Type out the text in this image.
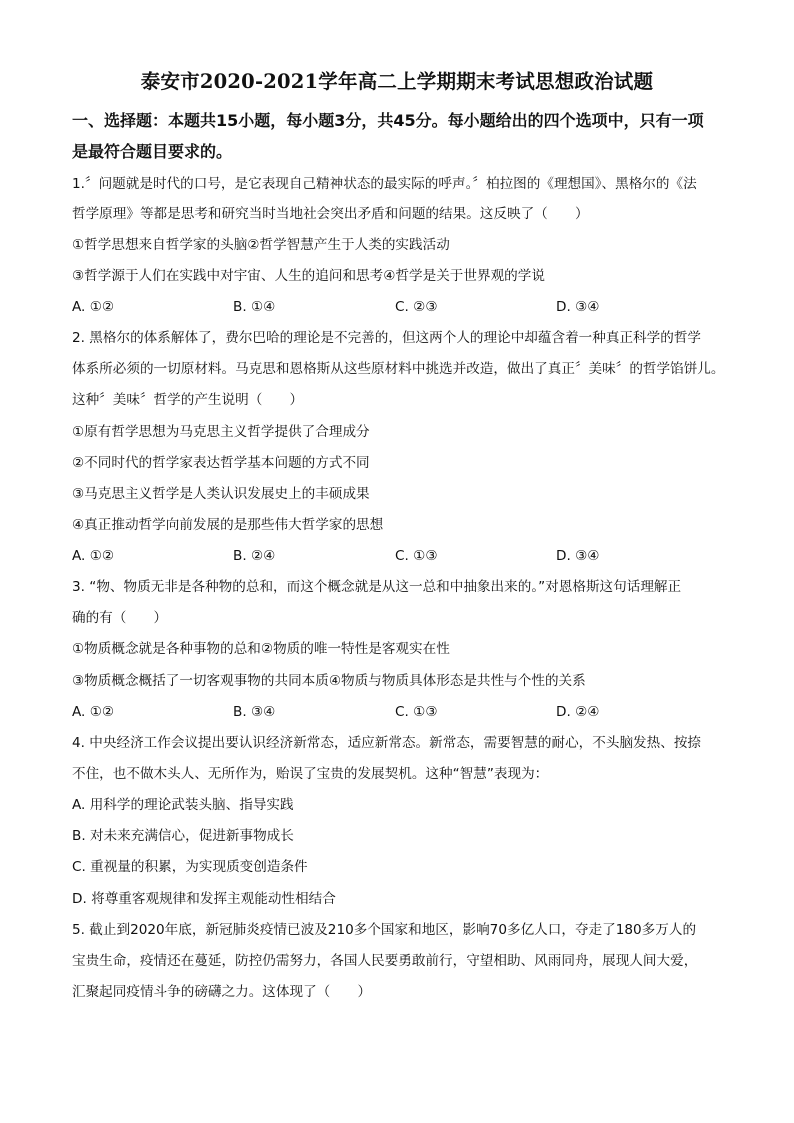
泰安市2020-2021学年高二上学期期末考试思想政治试题
一、选择题：本题共15小题，每小题3分，共45分。每小题给出的四个选项中，只有一项
是最符合题目要求的。
1.〞问题就是时代的口号，是它表现自己精神状态的最实际的呼声。〞柏拉图的《理想国》、黑格尔的《法
哲学原理》等都是思考和研究当时当地社会突出矛盾和问题的结果。这反映了（　　）
①哲学思想来自哲学家的头脑②哲学智慧产生于人类的实践活动
③哲学源于人们在实践中对宇宙、人生的追问和思考④哲学是关于世界观的学说
A. ①②	B. ①④	C. ②③	D. ③④
2. 黑格尔的体系解体了，费尔巴哈的理论是不完善的，但这两个人的理论中却蕴含着一种真正科学的哲学
体系所必须的一切原材料。马克思和恩格斯从这些原材料中挑选并改造，做出了真正〞美味〞的哲学馅饼儿。
这种〞美味〞哲学的产生说明（　　）
①原有哲学思想为马克思主义哲学提供了合理成分
②不同时代的哲学家表达哲学基本问题的方式不同
③马克思主义哲学是人类认识发展史上的丰硕成果
④真正推动哲学向前发展的是那些伟大哲学家的思想
A. ①②	B. ②④	C. ①③	D. ③④
3. “物、物质无非是各种物的总和，而这个概念就是从这一总和中抽象出来的。”对恩格斯这句话理解正
确的有（　　）
①物质概念就是各种事物的总和②物质的唯一特性是客观实在性
③物质概念概括了一切客观事物的共同本质④物质与物质具体形态是共性与个性的关系
A. ①②	B. ③④	C. ①③	D. ②④
4. 中央经济工作会议提出要认识经济新常态，适应新常态。新常态，需要智慧的耐心，不头脑发热、按捺
不住，也不做木头人、无所作为，贻误了宝贵的发展契机。这种“智慧”表现为：
A. 用科学的理论武装头脑、指导实践
B. 对未来充满信心，促进新事物成长
C. 重视量的积累，为实现质变创造条件
D. 将尊重客观规律和发挥主观能动性相结合
5. 截止到2020年底，新冠肺炎疫情已波及210多个国家和地区，影响70多亿人口，夺走了180多万人的
宝贵生命，疫情还在蔓延，防控仍需努力，各国人民要勇敢前行，守望相助、风雨同舟，展现人间大爱，
汇聚起同疫情斗争的磅礴之力。这体现了（　　）
